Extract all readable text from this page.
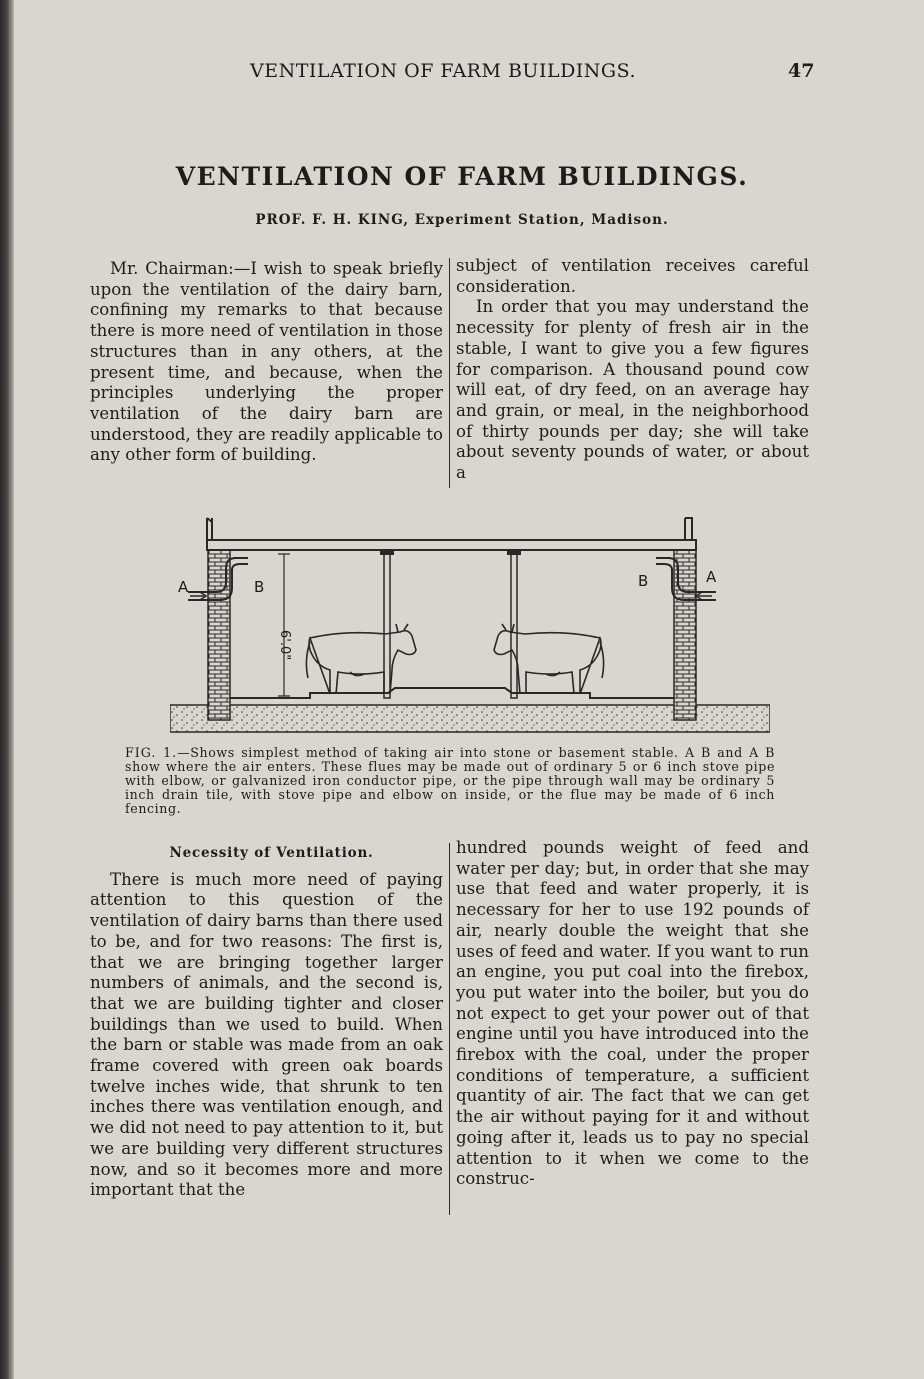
VENTILATION OF FARM BUILDINGS.	47
VENTILATION OF FARM BUILDINGS.
PROF. F. H. KING, Experiment Station, Madison.

Mr. Chairman:—I wish to speak briefly upon the ventilation of the dairy barn, confining my remarks to that because there is more need of ventilation in those structures than in any others, at the present time, and because, when the principles underlying the proper ventilation of the dairy barn are understood, they are readily applicable to any other form of building.

subject of ventilation receives careful consideration.

In order that you may understand the necessity for plenty of fresh air in the stable, I want to give you a few figures for comparison. A thousand pound cow will eat, of dry feed, on an average hay and grain, or meal, in the neighborhood of thirty pounds per day; she will take about seventy pounds of water, or about a

A	B	B	A
6'.0"
FIG. 1.—Shows simplest method of taking air into stone or basement stable. A B and A B show where the air enters. These flues may be made out of ordinary 5 or 6 inch stove pipe with elbow, or galvanized iron conductor pipe, or the pipe through wall may be ordinary 5 inch drain tile, with stove pipe and elbow on inside, or the flue may be made of 6 inch fencing.
Necessity of Ventilation.

There is much more need of paying attention to this question of the ventilation of dairy barns than there used to be, and for two reasons: The first is, that we are bringing together larger numbers of animals, and the second is, that we are building tighter and closer buildings than we used to build. When the barn or stable was made from an oak frame covered with green oak boards twelve inches wide, that shrunk to ten inches there was ventilation enough, and we did not need to pay attention to it, but we are building very different structures now, and so it becomes more and more important that the

hundred pounds weight of feed and water per day; but, in order that she may use that feed and water properly, it is necessary for her to use 192 pounds of air, nearly double the weight that she uses of feed and water. If you want to run an engine, you put coal into the firebox, you put water into the boiler, but you do not expect to get your power out of that engine until you have introduced into the firebox with the coal, under the proper conditions of temperature, a sufficient quantity of air. The fact that we can get the air without paying for it and without going after it, leads us to pay no special attention to it when we come to the construc-
